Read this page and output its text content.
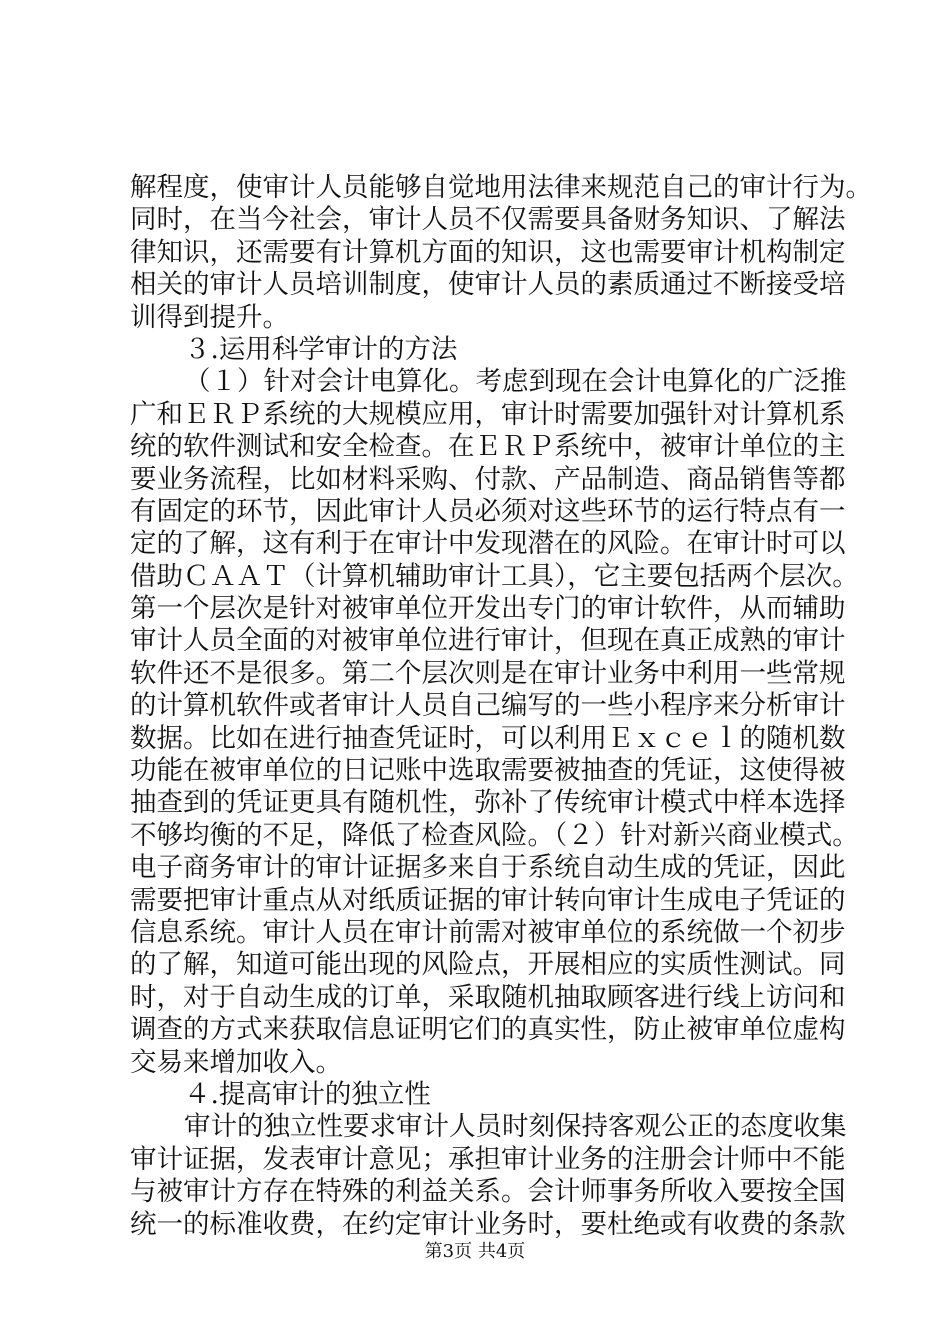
解程度，使审计人员能够自觉地用法律来规范自己的审计行为。
同时，在当今社会，审计人员不仅需要具备财务知识、了解法
律知识，还需要有计算机方面的知识，这也需要审计机构制定
相关的审计人员培训制度，使审计人员的素质通过不断接受培
训得到提升。
３.运用科学审计的方法
（１）针对会计电算化。考虑到现在会计电算化的广泛推
广和ＥＲＰ系统的大规模应用，审计时需要加强针对计算机系
统的软件测试和安全检查。在ＥＲＰ系统中，被审计单位的主
要业务流程，比如材料采购、付款、产品制造、商品销售等都
有固定的环节，因此审计人员必须对这些环节的运行特点有一
定的了解，这有利于在审计中发现潜在的风险。在审计时可以
借助ＣＡＡＴ（计算机辅助审计工具），它主要包括两个层次。
第一个层次是针对被审单位开发出专门的审计软件，从而辅助
审计人员全面的对被审单位进行审计，但现在真正成熟的审计
软件还不是很多。第二个层次则是在审计业务中利用一些常规
的计算机软件或者审计人员自己编写的一些小程序来分析审计
数据。比如在进行抽查凭证时，可以利用Ｅｘｃｅｌ的随机数
功能在被审单位的日记账中选取需要被抽查的凭证，这使得被
抽查到的凭证更具有随机性，弥补了传统审计模式中样本选择
不够均衡的不足，降低了检查风险。（２）针对新兴商业模式。
电子商务审计的审计证据多来自于系统自动生成的凭证，因此
需要把审计重点从对纸质证据的审计转向审计生成电子凭证的
信息系统。审计人员在审计前需对被审单位的系统做一个初步
的了解，知道可能出现的风险点，开展相应的实质性测试。同
时，对于自动生成的订单，采取随机抽取顾客进行线上访问和
调查的方式来获取信息证明它们的真实性，防止被审单位虚构
交易来增加收入。
４.提高审计的独立性
审计的独立性要求审计人员时刻保持客观公正的态度收集
审计证据，发表审计意见；承担审计业务的注册会计师中不能
与被审计方存在特殊的利益关系。会计师事务所收入要按全国
统一的标准收费，在约定审计业务时，要杜绝或有收费的条款
第3页 共4页
